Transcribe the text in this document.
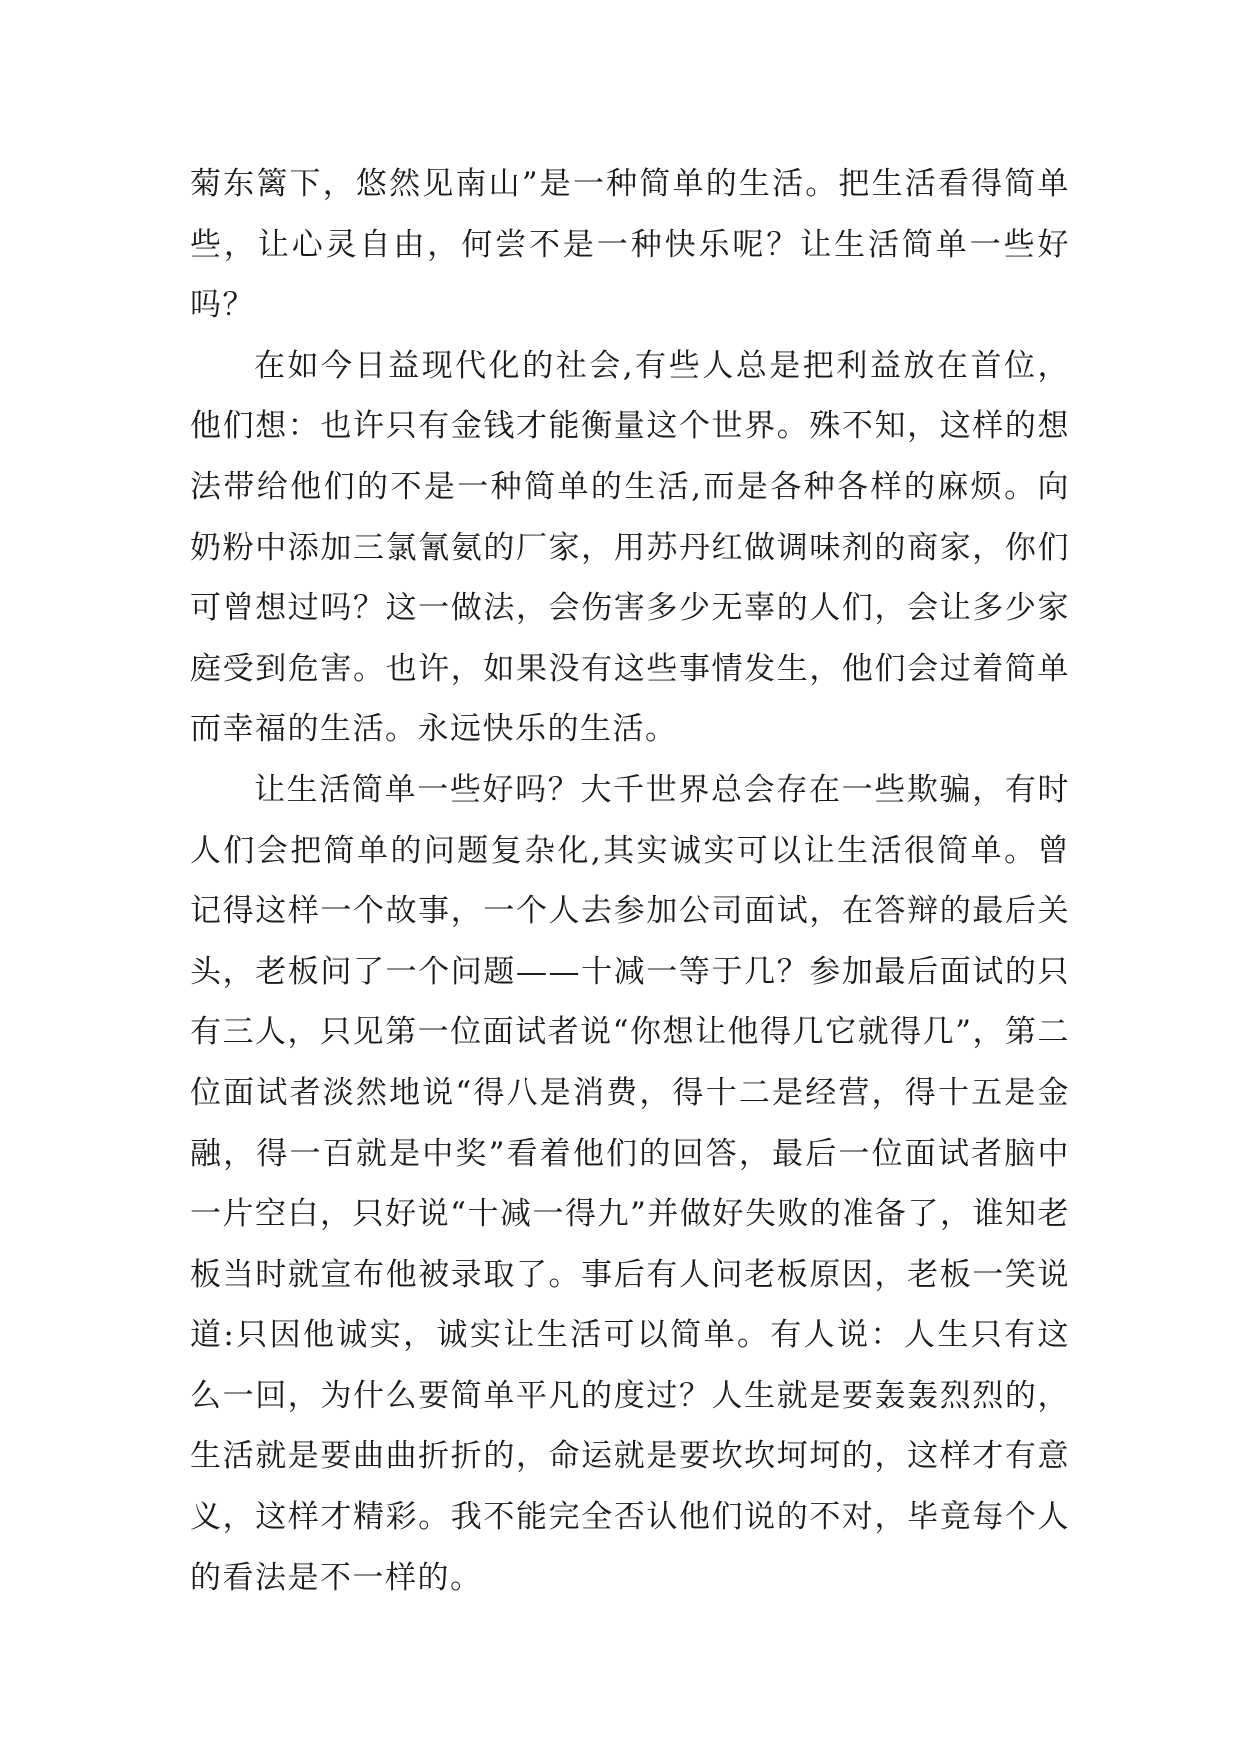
菊东篱下，悠然见南山”是一种简单的生活。把生活看得简单些，让心灵自由，何尝不是一种快乐呢？让生活简单一些好吗？

在如今日益现代化的社会,有些人总是把利益放在首位，他们想：也许只有金钱才能衡量这个世界。殊不知，这样的想法带给他们的不是一种简单的生活,而是各种各样的麻烦。向奶粉中添加三氯氰氨的厂家，用苏丹红做调味剂的商家，你们可曾想过吗？这一做法，会伤害多少无辜的人们，会让多少家庭受到危害。也许，如果没有这些事情发生，他们会过着简单而幸福的生活。永远快乐的生活。

让生活简单一些好吗？大千世界总会存在一些欺骗，有时人们会把简单的问题复杂化,其实诚实可以让生活很简单。曾记得这样一个故事，一个人去参加公司面试，在答辩的最后关头，老板问了一个问题——十减一等于几？参加最后面试的只有三人，只见第一位面试者说“你想让他得几它就得几”，第二位面试者淡然地说“得八是消费，得十二是经营，得十五是金融，得一百就是中奖”看着他们的回答，最后一位面试者脑中一片空白，只好说“十减一得九”并做好失败的准备了，谁知老板当时就宣布他被录取了。事后有人问老板原因，老板一笑说道:只因他诚实，诚实让生活可以简单。有人说：人生只有这么一回，为什么要简单平凡的度过？人生就是要轰轰烈烈的，生活就是要曲曲折折的，命运就是要坎坎坷坷的，这样才有意义，这样才精彩。我不能完全否认他们说的不对，毕竟每个人的看法是不一样的。
